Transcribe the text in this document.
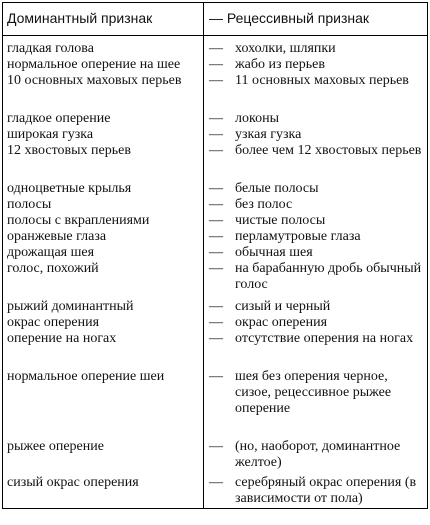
Доминантный признак	— Рецессивный признак
гладкая голова	— хохолки, шляпки
нормальное оперение на шее	— жабо из перьев
10 основных маховых перьев	— 11 основных маховых перьев
гладкое оперение	— локоны
широкая гузка	— узкая гузка
12 хвостовых перьев	— более чем 12 хвостовых перьев
одноцветные крылья	— белые полосы
полосы	— без полос
полосы с вкраплениями	— чистые полосы
оранжевые глаза	— перламутровые глаза
дрожащая шея	— обычная шея
голос, похожий	— на барабанную дробь обычный голос
рыжий доминантный	— сизый и черный
окрас оперения	— окрас оперения
оперение на ногах	— отсутствие оперения на ногах
нормальное оперение шеи	— шея без оперения черное, сизое, рецессивное рыжее оперение
рыжее оперение	— (но, наоборот, доминантное желтое)
сизый окрас оперения	— серебряный окрас оперения (в зависимости от пола)
